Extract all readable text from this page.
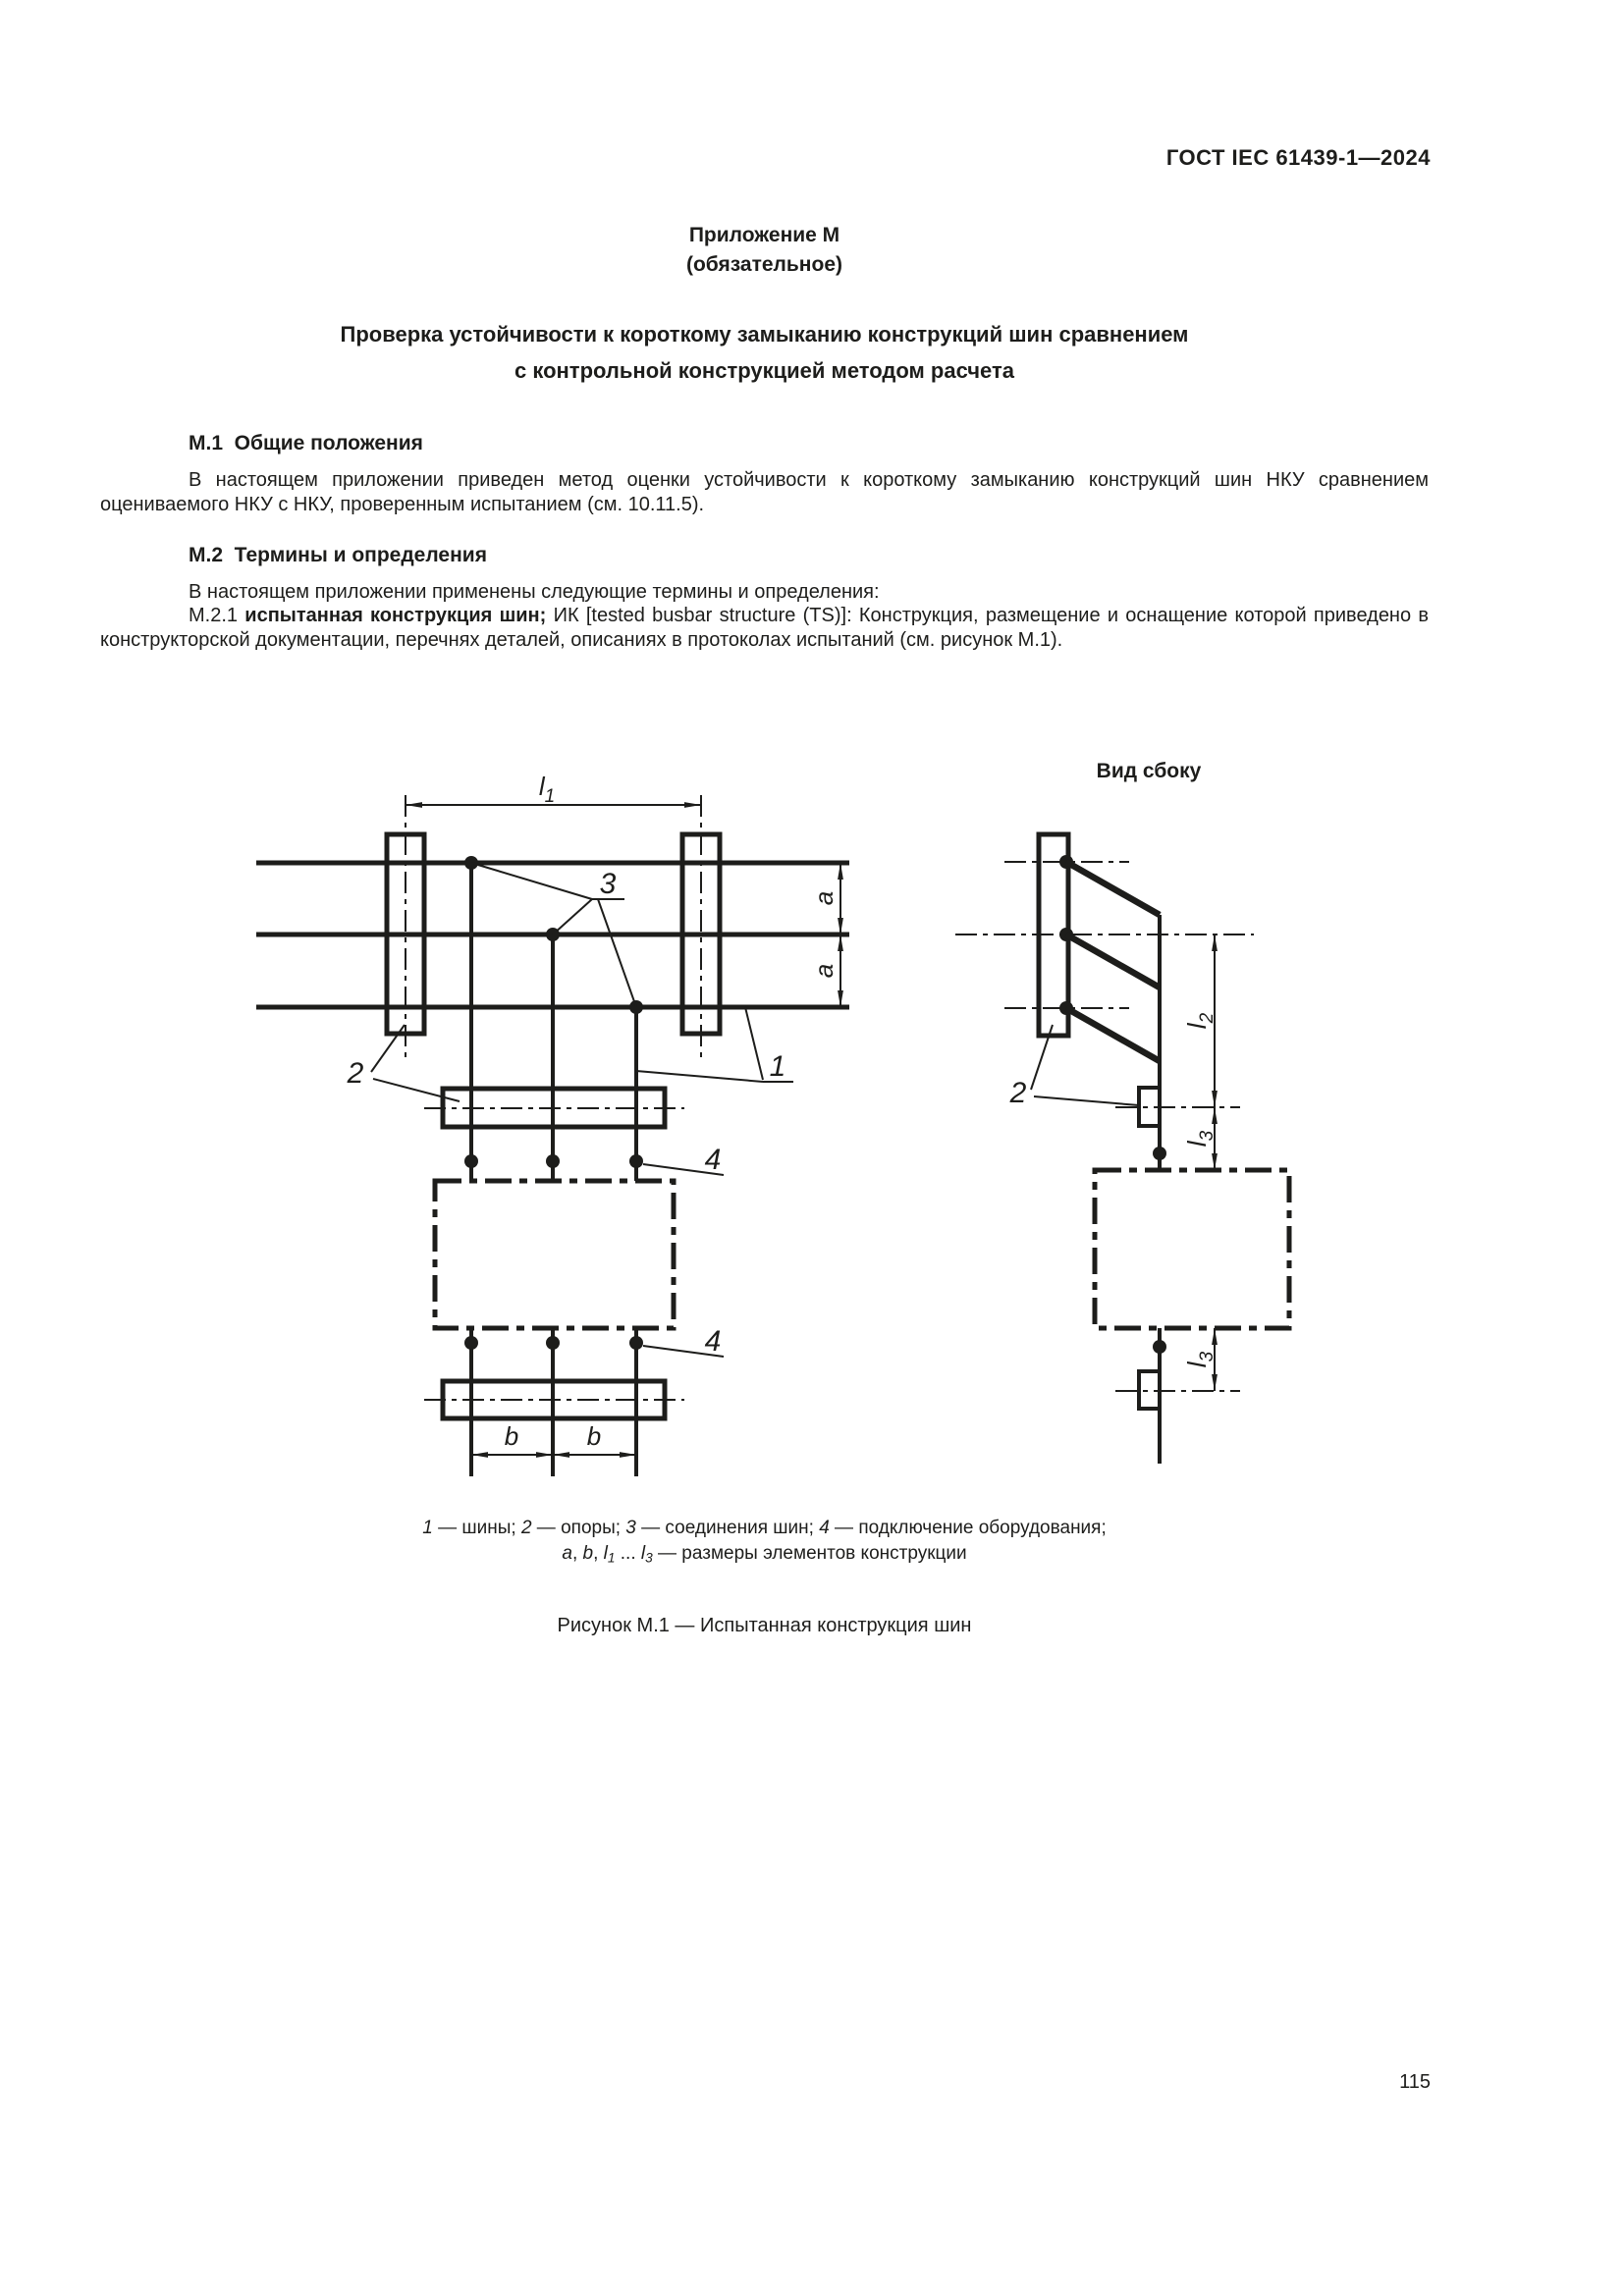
ГОСТ IEC 61439-1—2024
Приложение М
(обязательное)
Проверка устойчивости к короткому замыканию конструкций шин сравнением
с контрольной конструкцией методом расчета
М.1  Общие положения

В настоящем приложении приведен метод оценки устойчивости к короткому замыканию конструкций шин НКУ сравнением оцениваемого НКУ с НКУ, проверенным испытанием (см. 10.11.5).

М.2  Термины и определения

В настоящем приложении применены следующие термины и определения:

М.2.1 испытанная конструкция шин; ИК [tested busbar structure (TS)]: Конструкция, размещение и оснащение которой приведено в конструкторской документации, перечнях деталей, описаниях в протоколах испытаний (см. рисунок М.1).

$l_1$
3	a
a
1
2
4
4
b	b
Вид сбоку
2
$l_2$
$l_3$
$l_3$
1 — шины; 2 — опоры; 3 — соединения шин; 4 — подключение оборудования;
a, b, l1 ... l3 — размеры элементов конструкции
Рисунок М.1 — Испытанная конструкция шин
115
